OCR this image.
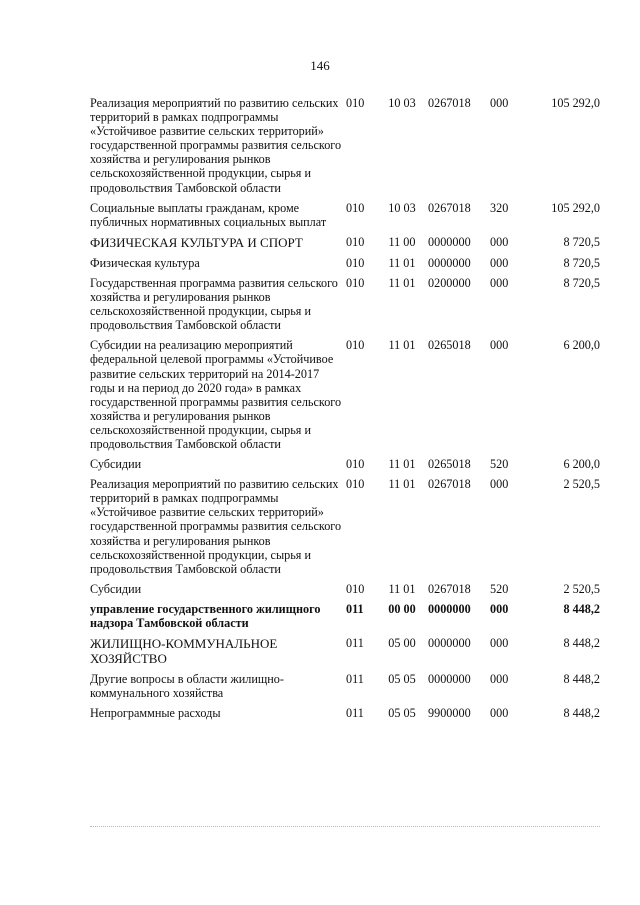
146
Реализация мероприятий по развитию сельских территорий в рамках подпрограммы «Устойчивое развитие сельских территорий» государственной программы развития сельского хозяйства и регулирования рынков сельскохозяйственной продукции, сырья и продовольствия Тамбовской области	010	10 03	0267018	000	105 292,0
Социальные выплаты гражданам, кроме публичных нормативных социальных выплат	010	10 03	0267018	320	105 292,0
ФИЗИЧЕСКАЯ КУЛЬТУРА И СПОРТ	010	11 00	0000000	000	8 720,5
Физическая культура	010	11 01	0000000	000	8 720,5
Государственная программа развития сельского хозяйства и регулирования рынков сельскохозяйственной продукции, сырья и продовольствия Тамбовской области	010	11 01	0200000	000	8 720,5
Субсидии на реализацию мероприятий федеральной целевой программы «Устойчивое развитие сельских территорий на 2014-2017 годы и на период до 2020 года» в рамках государственной программы развития сельского хозяйства и регулирования рынков сельскохозяйственной продукции, сырья и продовольствия Тамбовской области	010	11 01	0265018	000	6 200,0
Субсидии	010	11 01	0265018	520	6 200,0
Реализация мероприятий по развитию сельских территорий в рамках подпрограммы «Устойчивое развитие сельских территорий» государственной программы развития сельского хозяйства и регулирования рынков сельскохозяйственной продукции, сырья и продовольствия Тамбовской области	010	11 01	0267018	000	2 520,5
Субсидии	010	11 01	0267018	520	2 520,5
управление государственного жилищного надзора Тамбовской области	011	00 00	0000000	000	8 448,2
ЖИЛИЩНО-КОММУНАЛЬНОЕ ХОЗЯЙСТВО	011	05 00	0000000	000	8 448,2
Другие вопросы в области жилищно-коммунального хозяйства	011	05 05	0000000	000	8 448,2
Непрограммные расходы	011	05 05	9900000	000	8 448,2
